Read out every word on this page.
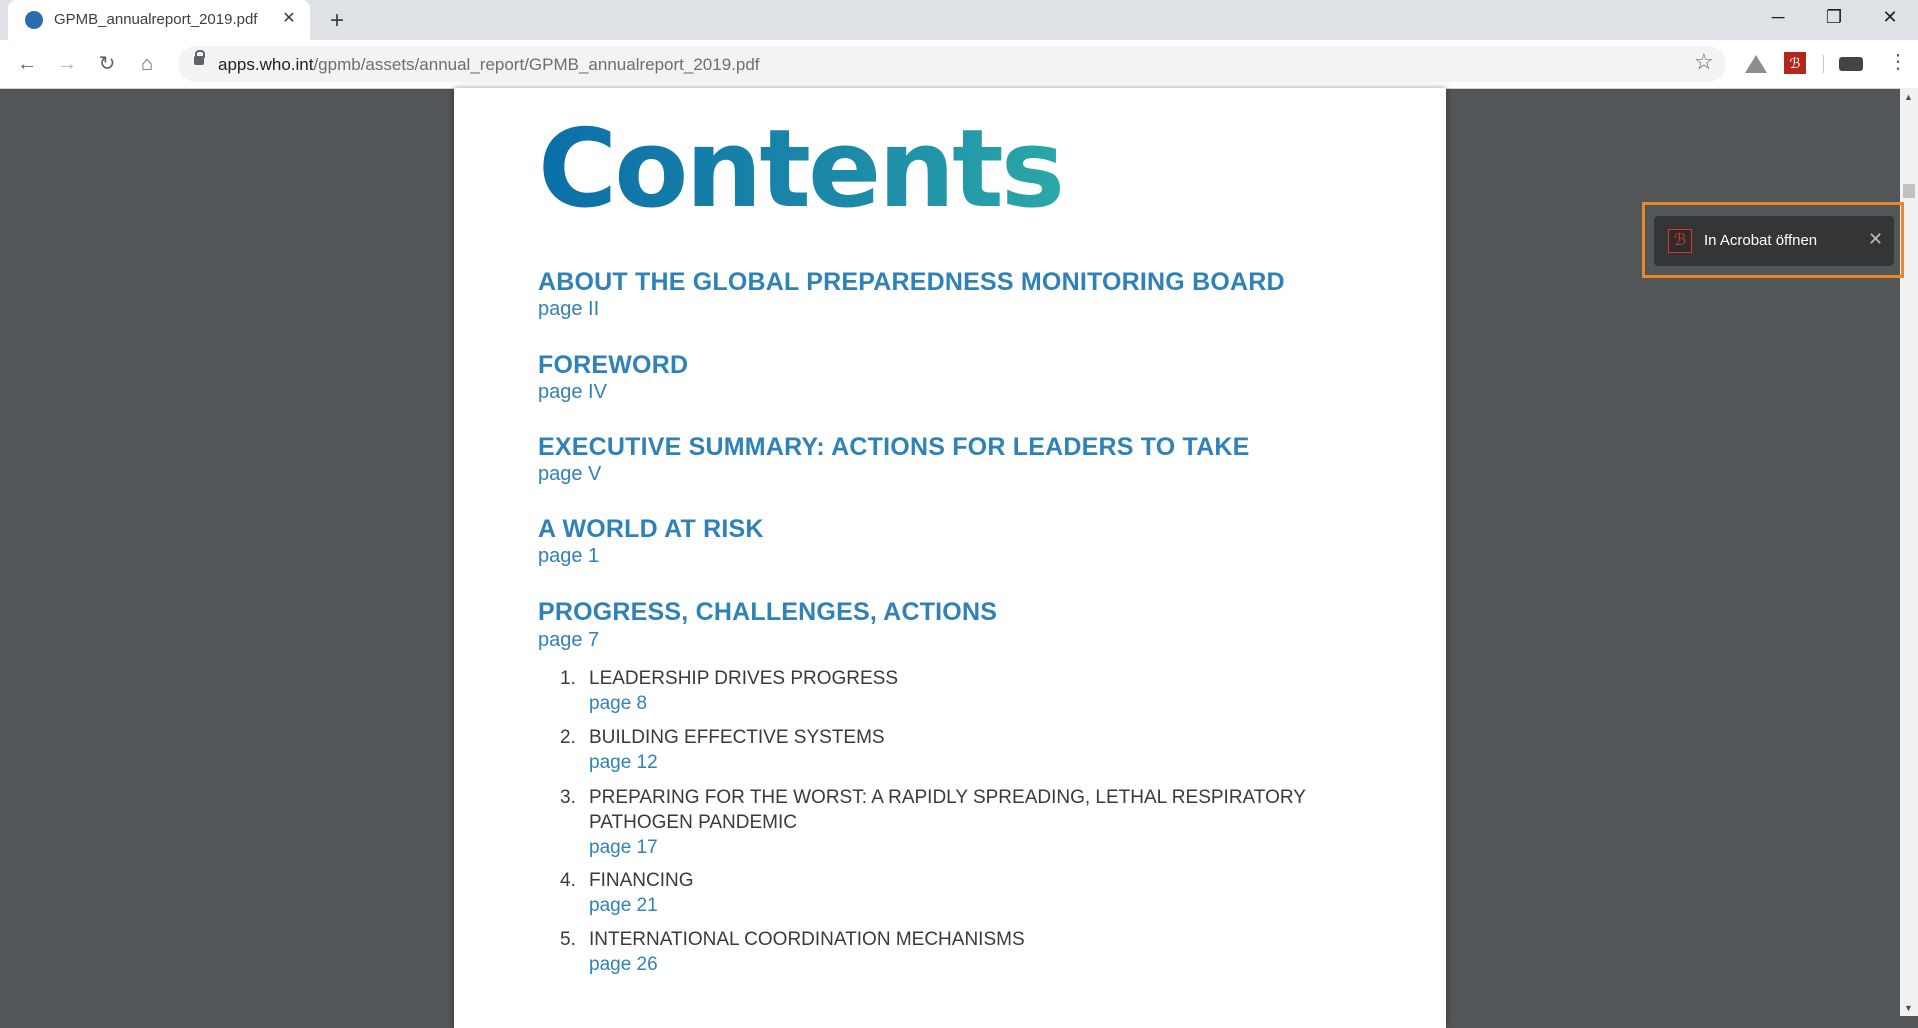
GPMB_annualreport_2019.pdf ✕	+	─	❐	✕
←	→	↻	⌂	apps.who.int/gpmb/assets/annual_report/GPMB_annualreport_2019.pdf	☆	ℬ	⋮
Contents
ABOUT THE GLOBAL PREPAREDNESS MONITORING BOARD
page II
FOREWORD
page IV
EXECUTIVE SUMMARY: ACTIONS FOR LEADERS TO TAKE
page V
A WORLD AT RISK
page 1
PROGRESS, CHALLENGES, ACTIONS
page 7
1. LEADERSHIP DRIVES PROGRESS
page 8
2. BUILDING EFFECTIVE SYSTEMS
page 12
3. PREPARING FOR THE WORST: A RAPIDLY SPREADING, LETHAL RESPIRATORY PATHOGEN PANDEMIC
page 17
4. FINANCING
page 21
5. INTERNATIONAL COORDINATION MECHANISMS
page 26
▲
▼
ℬ	In Acrobat öffnen	✕
